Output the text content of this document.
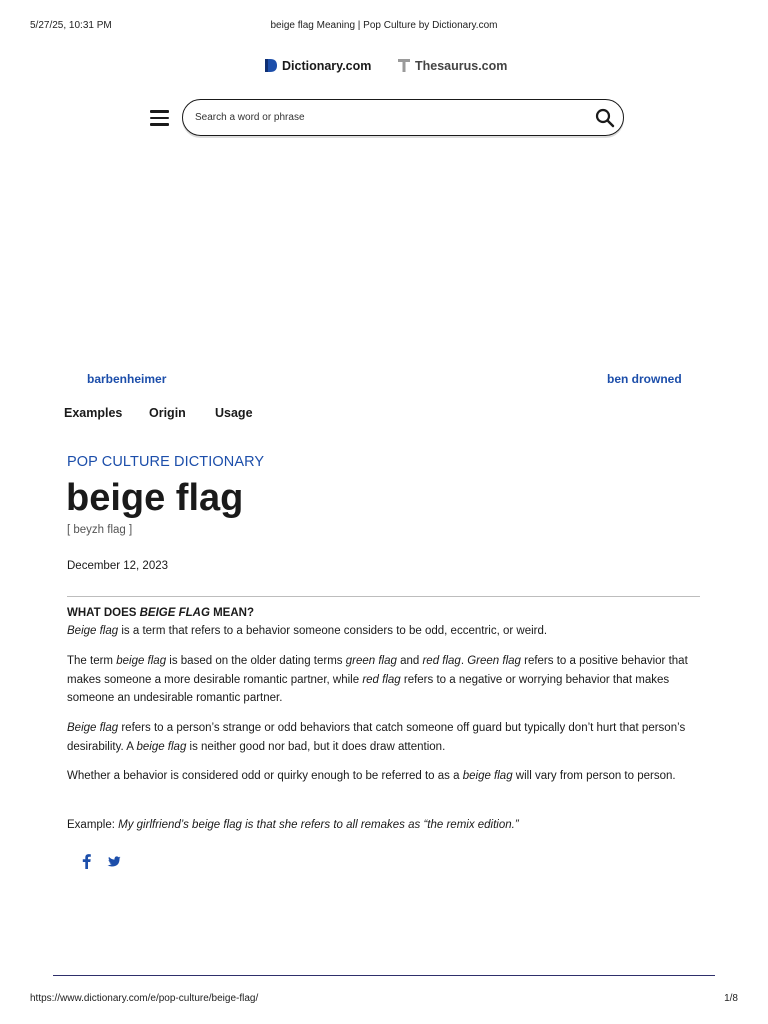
5/27/25, 10:31 PM	beige flag Meaning | Pop Culture by Dictionary.com
Dictionary.com	Thesaurus.com
Search a word or phrase
barbenheimer	ben drowned
Examples Origin Usage
POP CULTURE DICTIONARY
beige flag
[ beyzh flag ]
December 12, 2023
WHAT DOES BEIGE FLAG MEAN?

Beige flag is a term that refers to a behavior someone considers to be odd, eccentric, or weird.

The term beige flag is based on the older dating terms green flag and red flag. Green flag refers to a positive behavior that makes someone a more desirable romantic partner, while red flag refers to a negative or worrying behavior that makes someone an undesirable romantic partner.

Beige flag refers to a person’s strange or odd behaviors that catch someone off guard but typically don’t hurt that person’s desirability. A beige flag is neither good nor bad, but it does draw attention.

Whether a behavior is considered odd or quirky enough to be referred to as a beige flag will vary from person to person.

Example: My girlfriend’s beige flag is that she refers to all remakes as “the remix edition.”

https://www.dictionary.com/e/pop-culture/beige-flag/	1/8
